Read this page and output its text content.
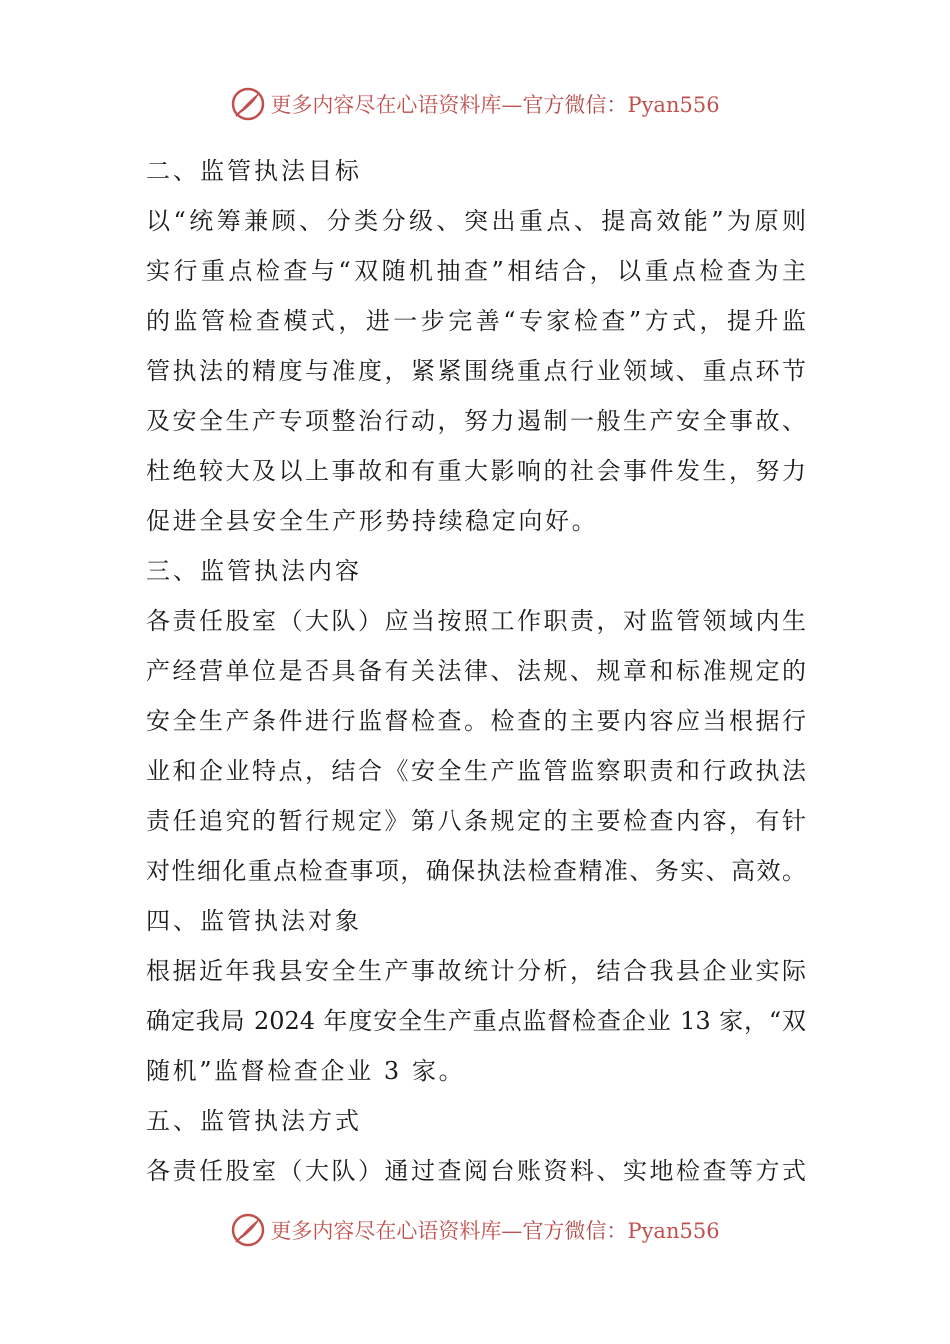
更多内容尽在心语资料库—官方微信：Pyan556
二、监管执法目标
以“统筹兼顾、分类分级、突出重点、提高效能”为原则
实行重点检查与“双随机抽查”相结合，以重点检查为主
的监管检查模式，进一步完善“专家检查”方式，提升监
管执法的精度与准度，紧紧围绕重点行业领域、重点环节
及安全生产专项整治行动，努力遏制一般生产安全事故、
杜绝较大及以上事故和有重大影响的社会事件发生，努力
促进全县安全生产形势持续稳定向好。
三、监管执法内容
各责任股室（大队）应当按照工作职责，对监管领域内生
产经营单位是否具备有关法律、法规、规章和标准规定的
安全生产条件进行监督检查。检查的主要内容应当根据行
业和企业特点，结合《安全生产监管监察职责和行政执法
责任追究的暂行规定》第八条规定的主要检查内容，有针
对性细化重点检查事项，确保执法检查精准、务实、高效。
四、监管执法对象
根据近年我县安全生产事故统计分析，结合我县企业实际
确定我局 2024 年度安全生产重点监督检查企业 13 家，“双
随机”监督检查企业 3 家。
五、监管执法方式
各责任股室（大队）通过查阅台账资料、实地检查等方式
更多内容尽在心语资料库—官方微信：Pyan556
